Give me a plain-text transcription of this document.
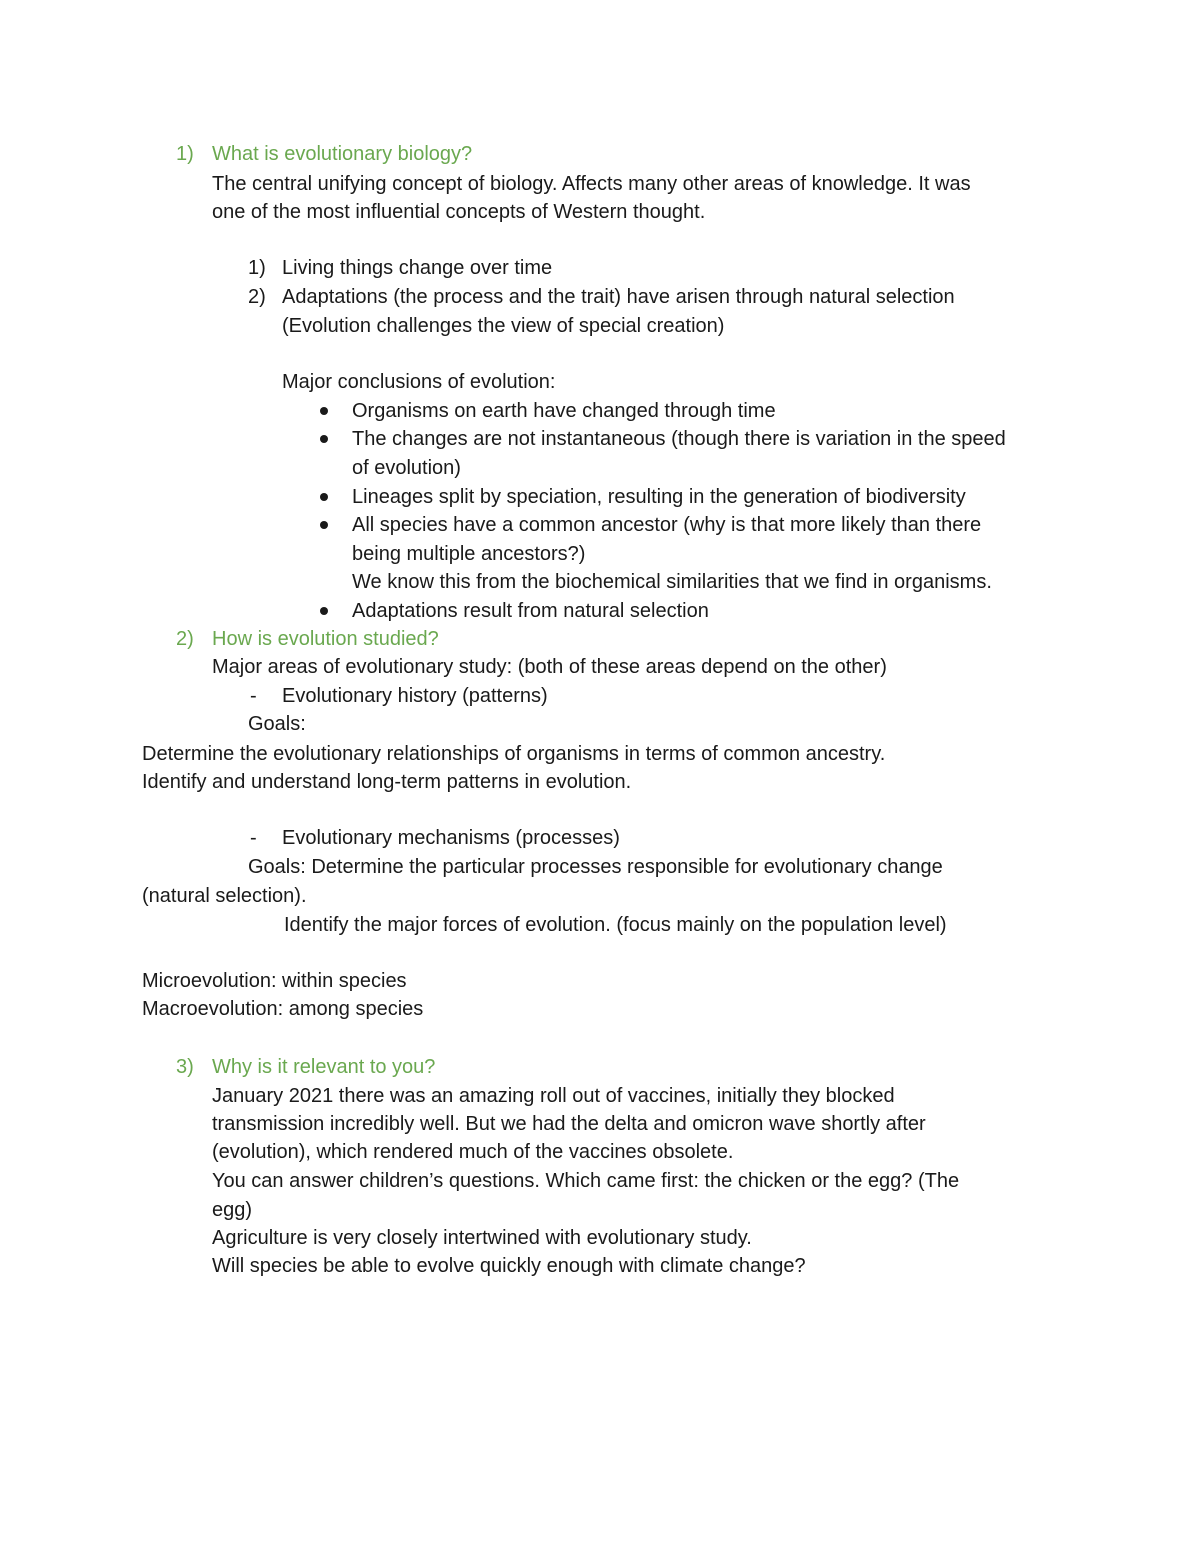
1) What is evolutionary biology?
The central unifying concept of biology. Affects many other areas of knowledge. It was
one of the most influential concepts of Western thought.
1) Living things change over time
2) Adaptations (the process and the trait) have arisen through natural selection
(Evolution challenges the view of special creation)
Major conclusions of evolution:
Organisms on earth have changed through time
The changes are not instantaneous (though there is variation in the speed
of evolution)
Lineages split by speciation, resulting in the generation of biodiversity
All species have a common ancestor (why is that more likely than there
being multiple ancestors?)
We know this from the biochemical similarities that we find in organisms.
Adaptations result from natural selection
2) How is evolution studied?
Major areas of evolutionary study: (both of these areas depend on the other)
- Evolutionary history (patterns)
Goals:
Determine the evolutionary relationships of organisms in terms of common ancestry.
Identify and understand long-term patterns in evolution.
- Evolutionary mechanisms (processes)
Goals: Determine the particular processes responsible for evolutionary change
(natural selection).
Identify the major forces of evolution. (focus mainly on the population level)
Microevolution: within species
Macroevolution: among species
3) Why is it relevant to you?
January 2021 there was an amazing roll out of vaccines, initially they blocked
transmission incredibly well. But we had the delta and omicron wave shortly after
(evolution), which rendered much of the vaccines obsolete.
You can answer children’s questions. Which came first: the chicken or the egg? (The
egg)
Agriculture is very closely intertwined with evolutionary study.
Will species be able to evolve quickly enough with climate change?
